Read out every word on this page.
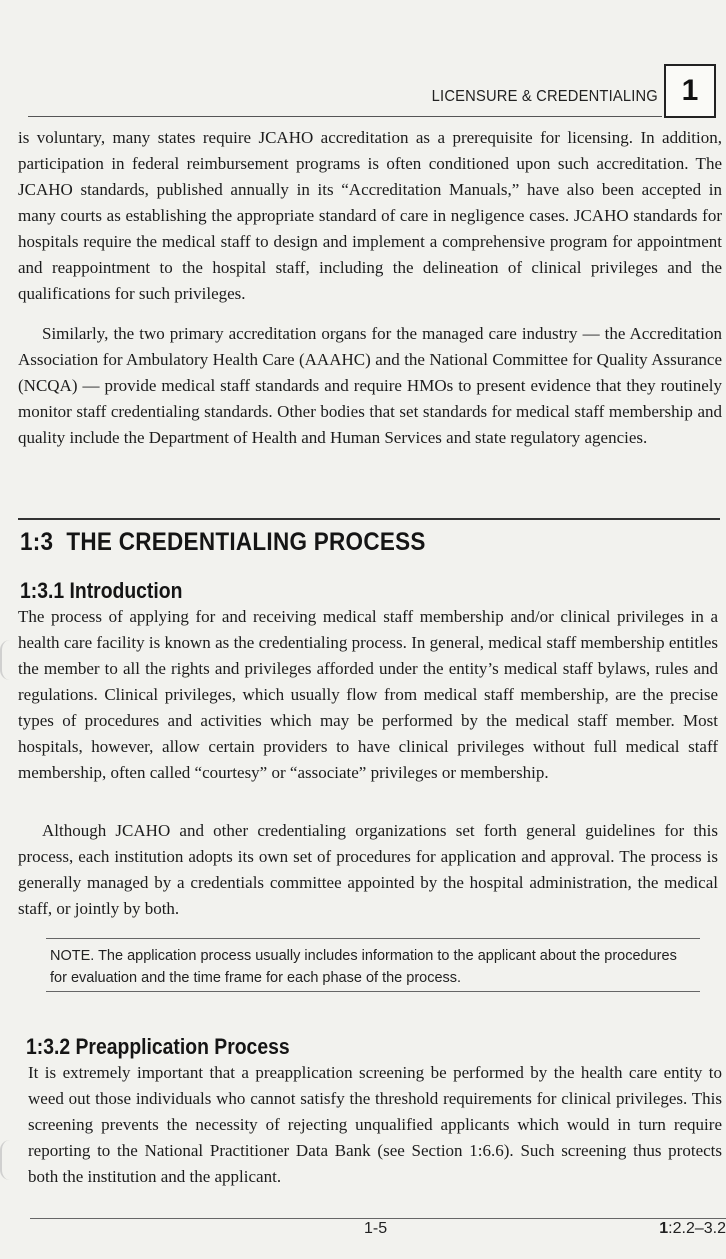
LICENSURE & CREDENTIALING 1

is voluntary, many states require JCAHO accreditation as a prerequisite for licensing. In addition, participation in federal reimbursement programs is often conditioned upon such accreditation. The JCAHO standards, published annually in its “Accreditation Manuals,” have also been accepted in many courts as establishing the appropriate standard of care in negligence cases. JCAHO standards for hospitals require the medical staff to design and implement a comprehensive program for appointment and reappointment to the hospital staff, including the delineation of clinical privileges and the qualifications for such privileges.

Similarly, the two primary accreditation organs for the managed care industry — the Accreditation Association for Ambulatory Health Care (AAAHC) and the National Committee for Quality Assurance (NCQA) — provide medical staff standards and require HMOs to present evidence that they routinely monitor staff credentialing standards. Other bodies that set standards for medical staff membership and quality include the Department of Health and Human Services and state regulatory agencies.

1:3 THE CREDENTIALING PROCESS
1:3.1 Introduction

The process of applying for and receiving medical staff membership and/or clinical privileges in a health care facility is known as the credentialing process. In general, medical staff membership entitles the member to all the rights and privileges afforded under the entity’s medical staff bylaws, rules and regulations. Clinical privileges, which usually flow from medical staff membership, are the precise types of procedures and activities which may be performed by the medical staff member. Most hospitals, however, allow certain providers to have clinical privileges without full medical staff membership, often called “courtesy” or “associate” privileges or membership.

Although JCAHO and other credentialing organizations set forth general guidelines for this process, each institution adopts its own set of procedures for application and approval. The process is generally managed by a credentials committee appointed by the hospital administration, the medical staff, or jointly by both.

NOTE. The application process usually includes information to the applicant about the procedures for evaluation and the time frame for each phase of the process.
1:3.2 Preapplication Process

It is extremely important that a preapplication screening be performed by the health care entity to weed out those individuals who cannot satisfy the threshold requirements for clinical privileges. This screening prevents the necessity of rejecting unqualified applicants which would in turn require reporting to the National Practitioner Data Bank (see Section 1:6.6). Such screening thus protects both the institution and the applicant.

1-5	1:2.2–3.2
